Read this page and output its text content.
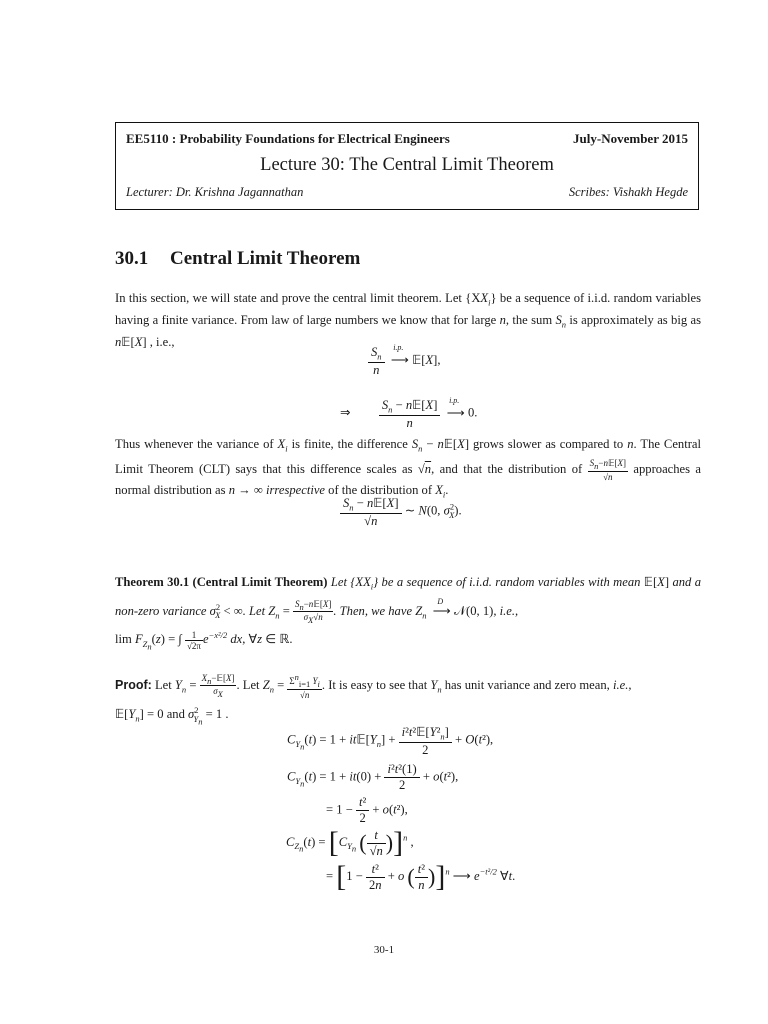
EE5110 : Probability Foundations for Electrical Engineers	July-November 2015
Lecture 30: The Central Limit Theorem
Lecturer: Dr. Krishna Jagannathan	Scribes: Vishakh Hegde
30.1 Central Limit Theorem
In this section, we will state and prove the central limit theorem. Let $\{XX_i\}$ be a sequence of i.i.d. random variables having a finite variance. From law of large numbers we know that for large n, the sum $S_n$ is approximately as big as n𝔼[X] , i.e.,
$\frac{S_n}{n}$
	i.p.
⟶ 𝔼[X],
⇒ $\frac{S_n - n𝔼[X]}{n}$
	i.p.
⟶ 0.
Thus whenever the variance of $X_i$ is finite, the difference $S_n$ − n𝔼[X] grows slower as compared to n. The Central Limit Theorem (CLT) says that this difference scales as √n, and that the distribution of $S_n-n𝔼[X]$
√n
approaches a normal distribution as n → ∞ irrespective of the distribution of $X_i$.
$\frac{S_n - n𝔼[X]}{√n}$ ∼ N(0, $\sigma^2_X$).
Theorem 30.1 (Central Limit Theorem) Let $\{XX_i\}$ be a sequence of i.i.d. random variables with mean 𝔼[X] and a non-zero variance $\sigma^2_X$ < ∞. Let $Z_n$ =
$S_n-n𝔼[X]$
$\sigma_X√n$ . Then, we have $Z_n$
D
⟶ 𝒩(0, 1), i.e.,
$\lim F_{Z_n}(z)$ = ∫ $\frac{1}{√2\pi} e^{-x^2/2}$ dx, ∀z ∈ ℝ.
Proof: Let $Y_n$ =
$X_n-𝔼[X]$
$\sigma_X$
. Let $Z_n = \Sigma^n_{i=1}$ $Y_i$
√n
. It is easy to see that $Y_n$ has unit variance and zero mean, i.e.,
$𝔼[Y_n] = 0$ and $\sigma^2_{Y_n} = 1$ .
$C_{Y_n}(t) = 1$ + $it𝔼[Y_n] + \frac{i^2t^2𝔼[Y^2_n]}{2} + O(t^2)$,
$C_{Y_n}(t) = 1 + it(0) + \frac{\text{i²t²(1)}}{2} + o(t^2)$,
= $1 - \frac{\text{t²}}{2} + o(t^2)$,
$C_{Z_n}(t) = [C_{Y_n}$ ( $\frac{t}{√n} )]^n$ ,
= [$1 - \frac{\text{t²}}{2n} + o$ ( $\frac{\text{t²}}{n} )]^n$ ⟶ $e^{-t^2/2}$ ∀t.
30-1
